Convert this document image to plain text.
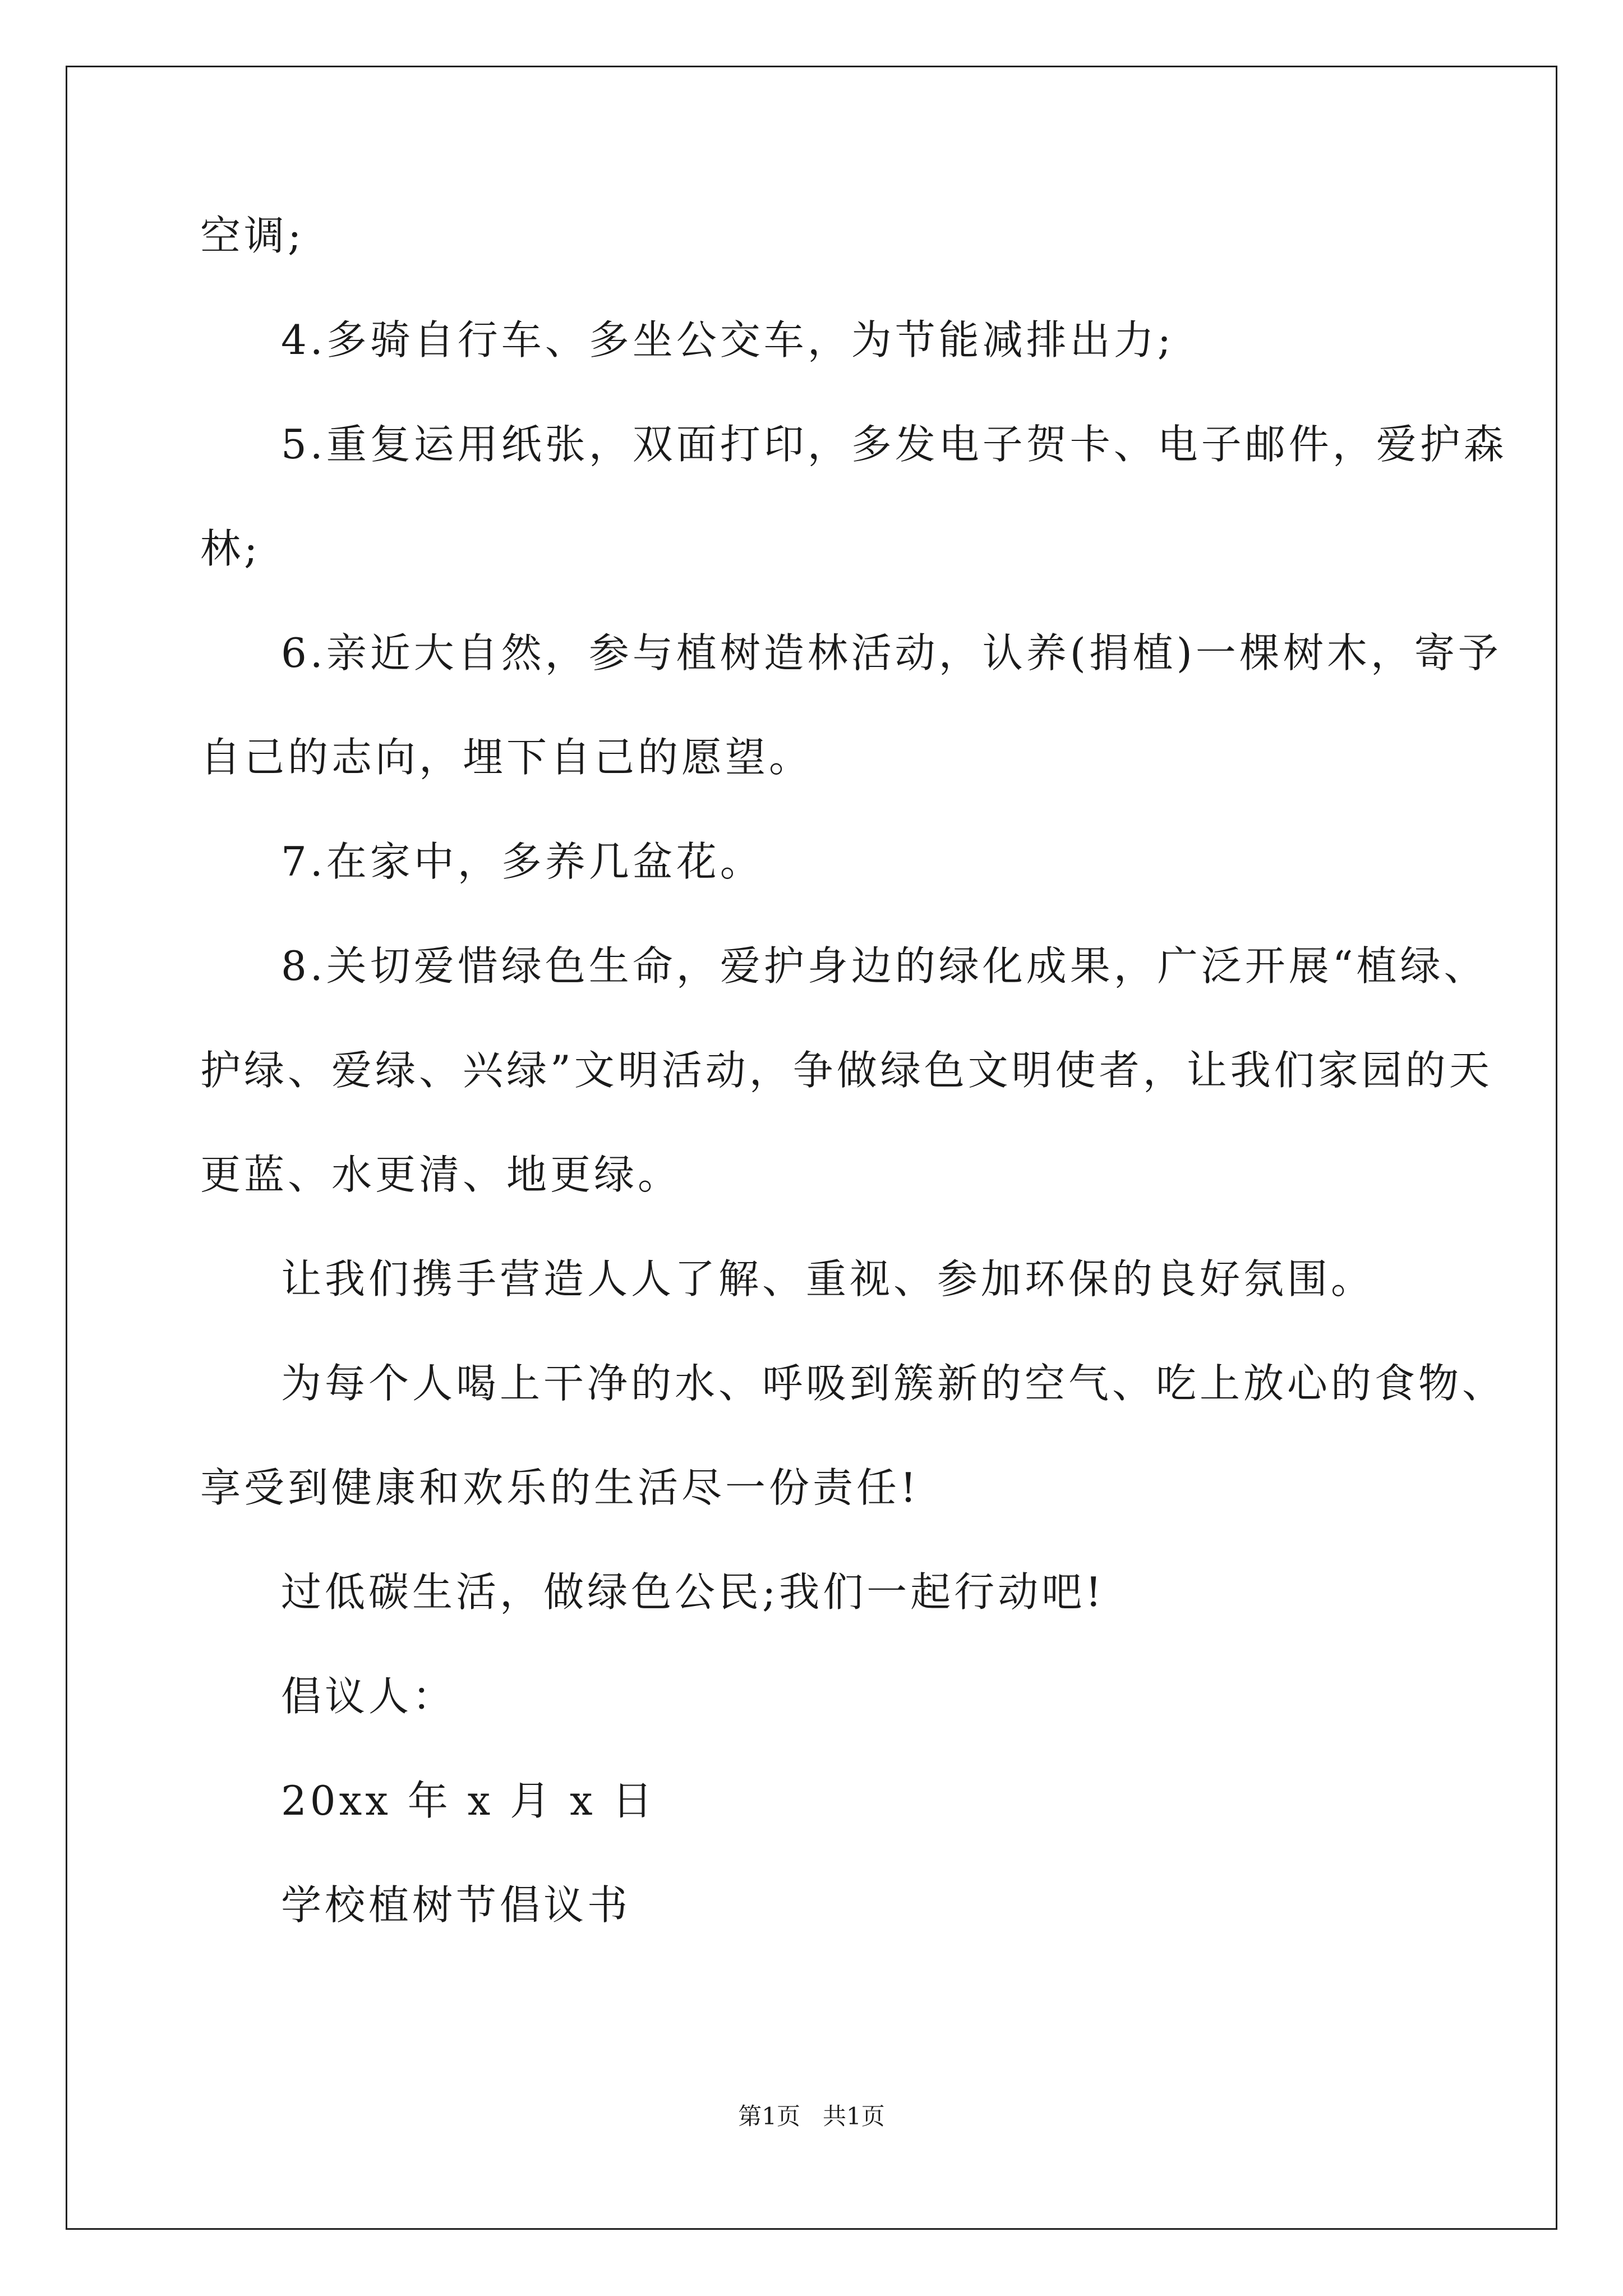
空调;
4.多骑自行车、多坐公交车，为节能减排出力;
5.重复运用纸张，双面打印，多发电子贺卡、电子邮件，爱护森
林;
6.亲近大自然，参与植树造林活动，认养(捐植)一棵树木，寄予
自己的志向，埋下自己的愿望。
7.在家中，多养几盆花。
8.关切爱惜绿色生命，爱护身边的绿化成果，广泛开展“植绿、
护绿、爱绿、兴绿”文明活动，争做绿色文明使者，让我们家园的天
更蓝、水更清、地更绿。
让我们携手营造人人了解、重视、参加环保的良好氛围。
为每个人喝上干净的水、呼吸到簇新的空气、吃上放心的食物、
享受到健康和欢乐的生活尽一份责任!
过低碳生活，做绿色公民;我们一起行动吧!
倡议人：
20xx 年 x 月 x 日
学校植树节倡议书
第1页   共1页
